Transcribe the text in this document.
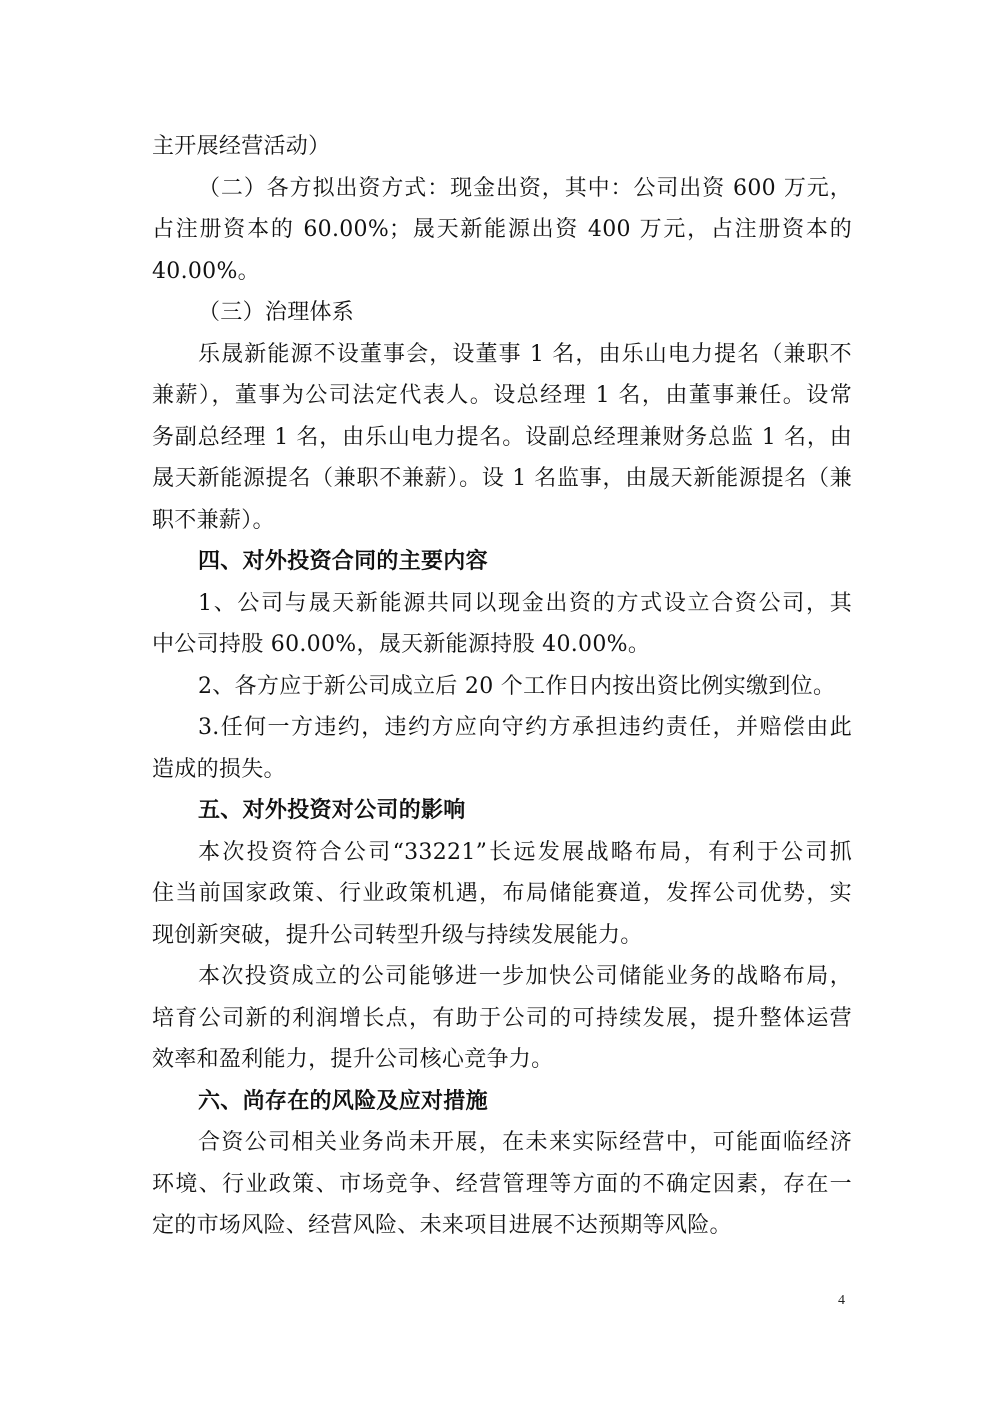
主开展经营活动）
（二）各方拟出资方式：现金出资，其中：公司出资 600 万元，
占注册资本的 60.00%；晟天新能源出资 400 万元，占注册资本的
40.00%。
（三）治理体系
乐晟新能源不设董事会，设董事 1 名，由乐山电力提名（兼职不
兼薪），董事为公司法定代表人。设总经理 1 名，由董事兼任。设常
务副总经理 1 名，由乐山电力提名。设副总经理兼财务总监 1 名，由
晟天新能源提名（兼职不兼薪）。设 1 名监事，由晟天新能源提名（兼
职不兼薪）。
四、对外投资合同的主要内容
1、公司与晟天新能源共同以现金出资的方式设立合资公司，其
中公司持股 60.00%，晟天新能源持股 40.00%。
2、各方应于新公司成立后 20 个工作日内按出资比例实缴到位。
3.任何一方违约，违约方应向守约方承担违约责任，并赔偿由此
造成的损失。
五、对外投资对公司的影响
本次投资符合公司“33221”长远发展战略布局，有利于公司抓
住当前国家政策、行业政策机遇，布局储能赛道，发挥公司优势，实
现创新突破，提升公司转型升级与持续发展能力。
本次投资成立的公司能够进一步加快公司储能业务的战略布局，
培育公司新的利润增长点，有助于公司的可持续发展，提升整体运营
效率和盈利能力，提升公司核心竞争力。
六、尚存在的风险及应对措施
合资公司相关业务尚未开展，在未来实际经营中，可能面临经济
环境、行业政策、市场竞争、经营管理等方面的不确定因素，存在一
定的市场风险、经营风险、未来项目进展不达预期等风险。
4
